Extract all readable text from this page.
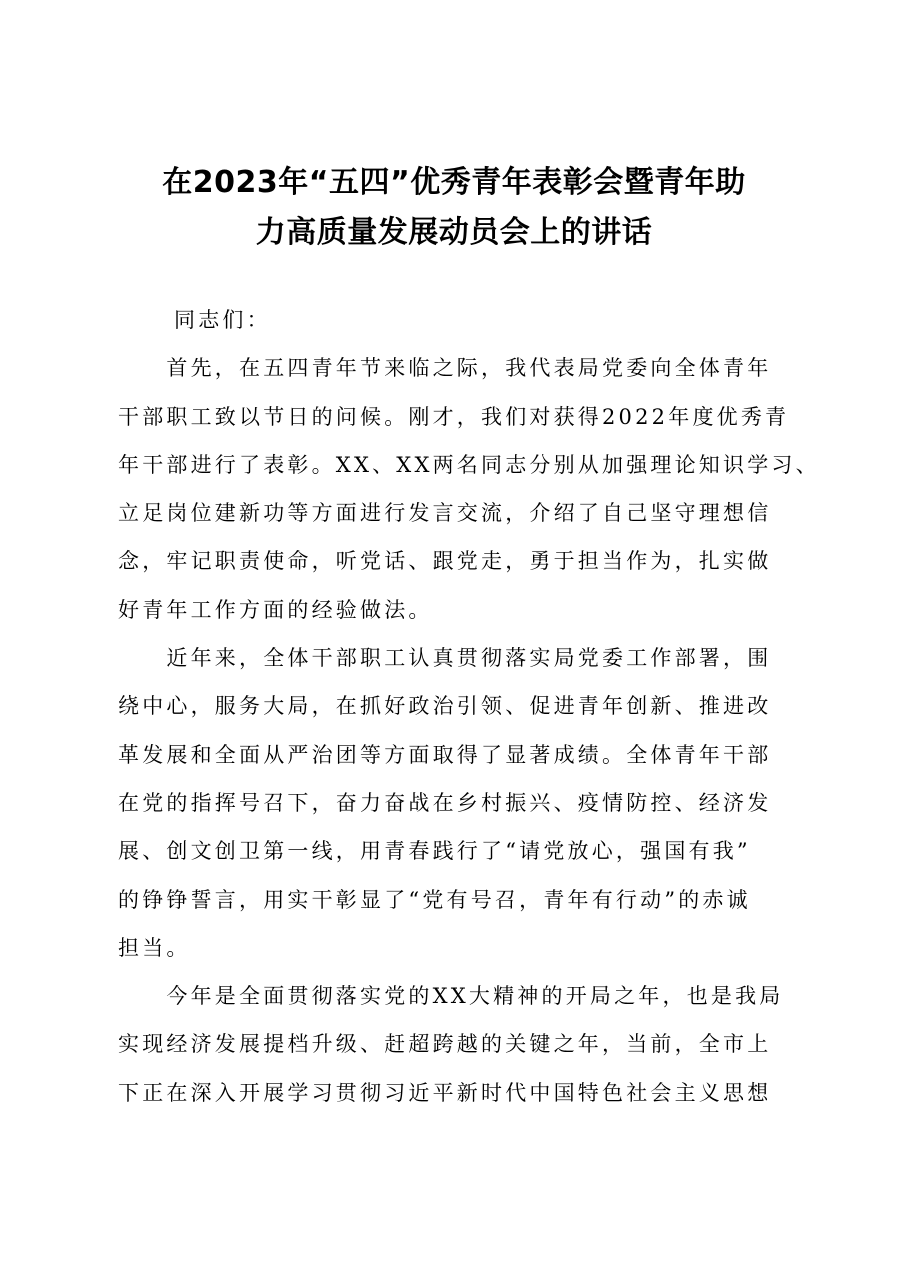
在2023年“五四”优秀青年表彰会暨青年助
力高质量发展动员会上的讲话
同志们：
　　首先，在五四青年节来临之际，我代表局党委向全体青年
干部职工致以节日的问候。刚才，我们对获得2022年度优秀青
年干部进行了表彰。XX、XX两名同志分别从加强理论知识学习、
立足岗位建新功等方面进行发言交流，介绍了自己坚守理想信
念，牢记职责使命，听党话、跟党走，勇于担当作为，扎实做
好青年工作方面的经验做法。
　　近年来，全体干部职工认真贯彻落实局党委工作部署，围
绕中心，服务大局，在抓好政治引领、促进青年创新、推进改
革发展和全面从严治团等方面取得了显著成绩。全体青年干部
在党的指挥号召下，奋力奋战在乡村振兴、疫情防控、经济发
展、创文创卫第一线，用青春践行了“请党放心，强国有我”
的铮铮誓言，用实干彰显了“党有号召，青年有行动”的赤诚
担当。
　　今年是全面贯彻落实党的XX大精神的开局之年，也是我局
实现经济发展提档升级、赶超跨越的关键之年，当前，全市上
下正在深入开展学习贯彻习近平新时代中国特色社会主义思想
